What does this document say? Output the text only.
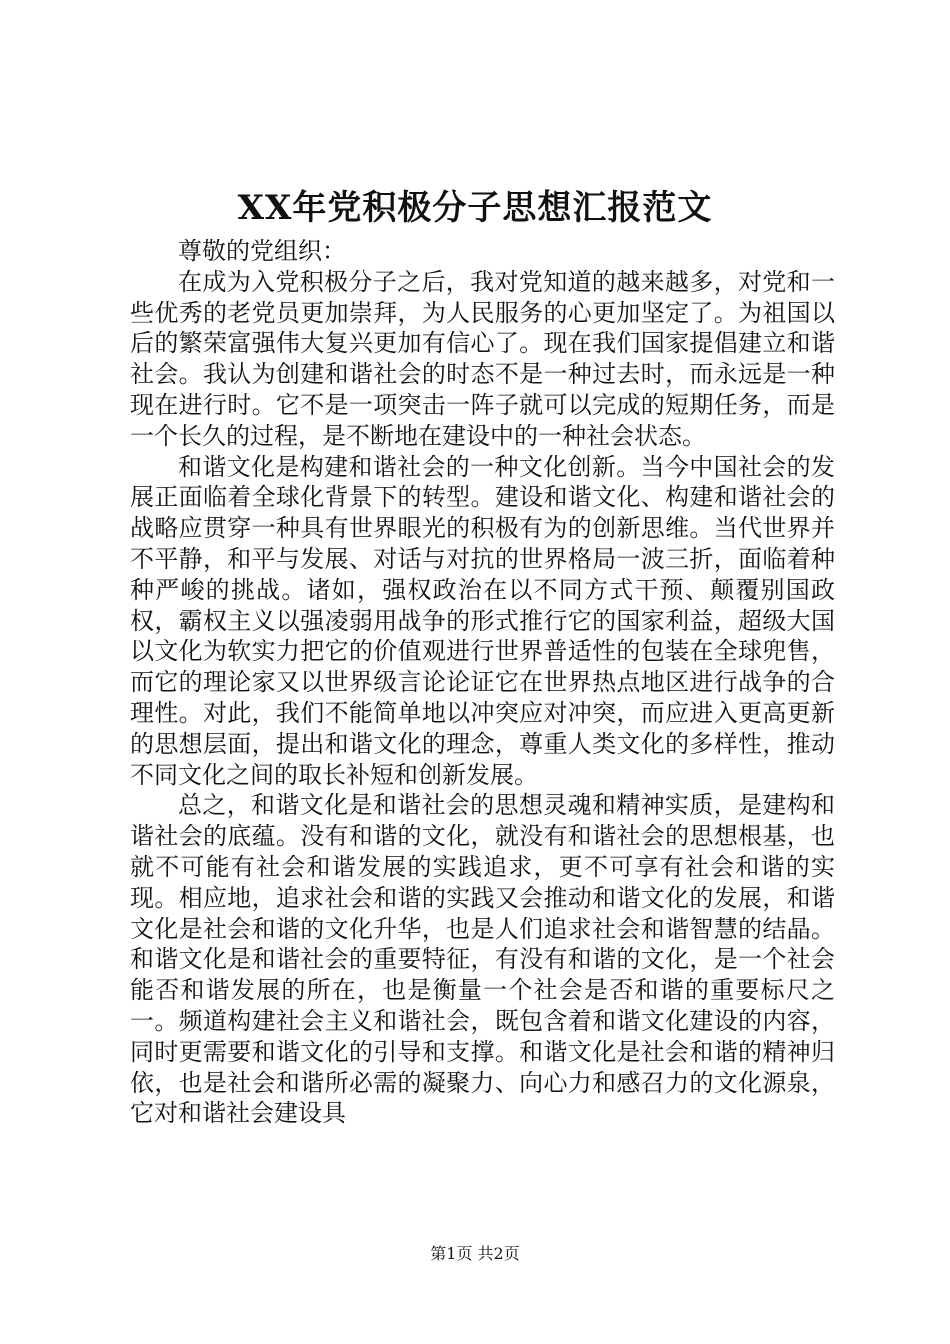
XX年党积极分子思想汇报范文

尊敬的党组织：

在成为入党积极分子之后，我对党知道的越来越多，对党和一些优秀的老党员更加崇拜，为人民服务的心更加坚定了。为祖国以后的繁荣富强伟大复兴更加有信心了。现在我们国家提倡建立和谐社会。我认为创建和谐社会的时态不是一种过去时，而永远是一种现在进行时。它不是一项突击一阵子就可以完成的短期任务，而是一个长久的过程，是不断地在建设中的一种社会状态。

和谐文化是构建和谐社会的一种文化创新。当今中国社会的发展正面临着全球化背景下的转型。建设和谐文化、构建和谐社会的战略应贯穿一种具有世界眼光的积极有为的创新思维。当代世界并不平静，和平与发展、对话与对抗的世界格局一波三折，面临着种种严峻的挑战。诸如，强权政治在以不同方式干预、颠覆别国政权，霸权主义以强凌弱用战争的形式推行它的国家利益，超级大国以文化为软实力把它的价值观进行世界普适性的包装在全球兜售，而它的理论家又以世界级言论论证它在世界热点地区进行战争的合理性。对此，我们不能简单地以冲突应对冲突，而应进入更高更新的思想层面，提出和谐文化的理念，尊重人类文化的多样性，推动不同文化之间的取长补短和创新发展。

总之，和谐文化是和谐社会的思想灵魂和精神实质，是建构和谐社会的底蕴。没有和谐的文化，就没有和谐社会的思想根基，也就不可能有社会和谐发展的实践追求，更不可享有社会和谐的实现。相应地，追求社会和谐的实践又会推动和谐文化的发展，和谐文化是社会和谐的文化升华，也是人们追求社会和谐智慧的结晶。和谐文化是和谐社会的重要特征，有没有和谐的文化，是一个社会能否和谐发展的所在，也是衡量一个社会是否和谐的重要标尺之一。频道构建社会主义和谐社会，既包含着和谐文化建设的内容，同时更需要和谐文化的引导和支撑。和谐文化是社会和谐的精神归依，也是社会和谐所必需的凝聚力、向心力和感召力的文化源泉，它对和谐社会建设具

第1页 共2页
